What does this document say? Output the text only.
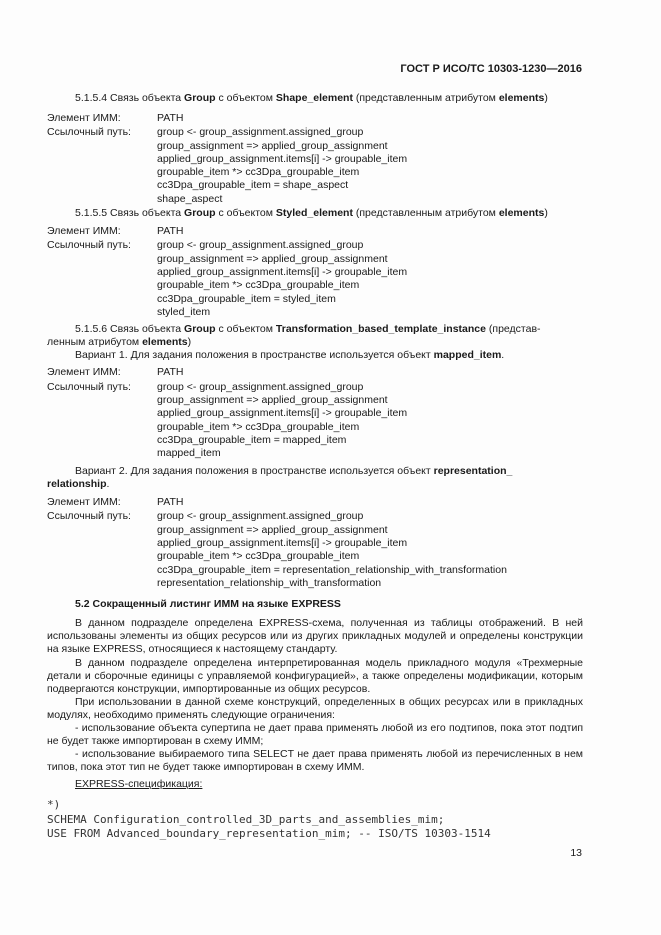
ГОСТ Р ИСО/ТС 10303-1230—2016
5.1.5.4 Связь объекта Group с объектом Shape_element (представленным атрибутом elements)
Элемент ИММ:	PATH
Ссылочный путь: group <- group_assignment.assigned_group
group_assignment => applied_group_assignment
applied_group_assignment.items[i] -> groupable_item
groupable_item *> cc3Dpa_groupable_item
cc3Dpa_groupable_item = shape_aspect
shape_aspect
5.1.5.5 Связь объекта Group с объектом Styled_element (представленным атрибутом elements)
Элемент ИММ:	PATH
Ссылочный путь: group <- group_assignment.assigned_group
group_assignment => applied_group_assignment
applied_group_assignment.items[i] -> groupable_item
groupable_item *> cc3Dpa_groupable_item
cc3Dpa_groupable_item = styled_item
styled_item
5.1.5.6 Связь объекта Group с объектом Transformation_based_template_instance (представ-
ленным атрибутом elements)
Вариант 1. Для задания положения в пространстве используется объект mapped_item.
Элемент ИММ:	PATH
Ссылочный путь: group <- group_assignment.assigned_group
group_assignment => applied_group_assignment
applied_group_assignment.items[i] -> groupable_item
groupable_item *> cc3Dpa_groupable_item
cc3Dpa_groupable_item = mapped_item
mapped_item
Вариант 2. Для задания положения в пространстве используется объект representation_
relationship.
Элемент ИММ:	PATH
Ссылочный путь: group <- group_assignment.assigned_group
group_assignment => applied_group_assignment
applied_group_assignment.items[i] -> groupable_item
groupable_item *> cc3Dpa_groupable_item
cc3Dpa_groupable_item = representation_relationship_with_transformation
representation_relationship_with_transformation
5.2 Сокращенный листинг ИММ на языке EXPRESS
В данном подразделе определена EXPRESS-схема, полученная из таблицы отображений. В ней использованы элементы из общих ресурсов или из других прикладных модулей и определены конструкции на языке EXPRESS, относящиеся к настоящему стандарту.
В данном подразделе определена интерпретированная модель прикладного модуля «Трехмерные детали и сборочные единицы с управляемой конфигурацией», а также определены модификации, которым подвергаются конструкции, импортированные из общих ресурсов.
При использовании в данной схеме конструкций, определенных в общих ресурсах или в прикладных модулях, необходимо применять следующие ограничения:
- использование объекта супертипа не дает права применять любой из его подтипов, пока этот подтип не будет также импортирован в схему ИММ;
- использование выбираемого типа SELECT не дает права применять любой из перечисленных в нем типов, пока этот тип не будет также импортирован в схему ИММ.
EXPRESS-спецификация:
*)
SCHEMA Configuration_controlled_3D_parts_and_assemblies_mim;
USE FROM Advanced_boundary_representation_mim; -- ISO/TS 10303-1514
13
